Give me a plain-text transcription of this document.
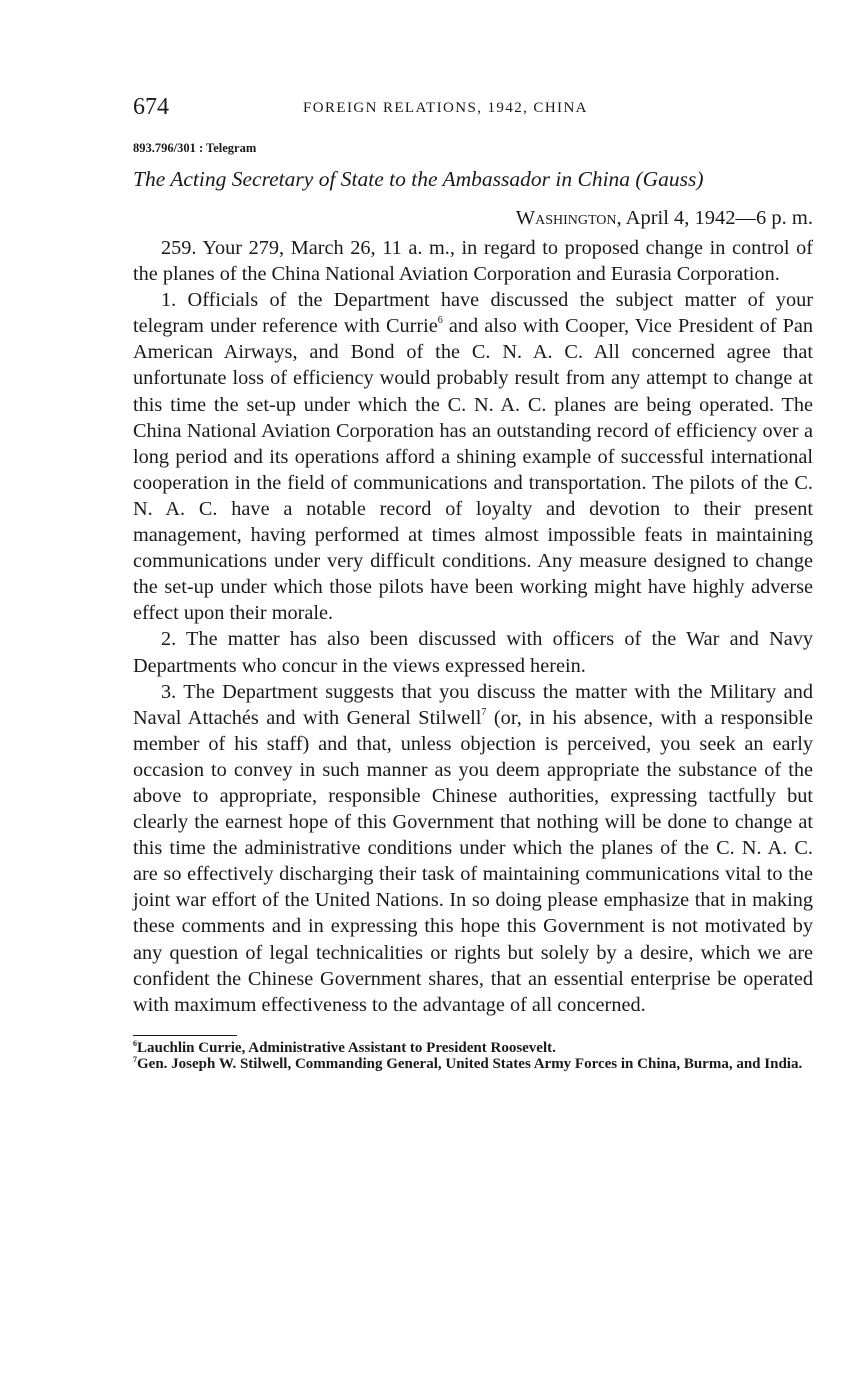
674	FOREIGN RELATIONS, 1942, CHINA
893.796/301 : Telegram
The Acting Secretary of State to the Ambassador in China (Gauss)
Washington, April 4, 1942—6 p. m.

259. Your 279, March 26, 11 a. m., in regard to proposed change in control of the planes of the China National Aviation Corporation and Eurasia Corporation.

1. Officials of the Department have discussed the subject matter of your telegram under reference with Currie$^6$ and also with Cooper, Vice President of Pan American Airways, and Bond of the C. N. A. C. All concerned agree that unfortunate loss of efficiency would probably result from any attempt to change at this time the set-up under which the C. N. A. C. planes are being operated. The China National Aviation Corporation has an outstanding record of efficiency over a long period and its operations afford a shining example of successful international cooperation in the field of communications and transportation. The pilots of the C. N. A. C. have a notable record of loyalty and devotion to their present management, having performed at times almost impossible feats in maintaining communications under very difficult conditions. Any measure designed to change the set-up under which those pilots have been working might have highly adverse effect upon their morale.

2. The matter has also been discussed with officers of the War and Navy Departments who concur in the views expressed herein.

3. The Department suggests that you discuss the matter with the Military and Naval Attachés and with General Stilwell$^7$ (or, in his absence, with a responsible member of his staff) and that, unless objection is perceived, you seek an early occasion to convey in such manner as you deem appropriate the substance of the above to appropriate, responsible Chinese authorities, expressing tactfully but clearly the earnest hope of this Government that nothing will be done to change at this time the administrative conditions under which the planes of the C. N. A. C. are so effectively discharging their task of maintaining communications vital to the joint war effort of the United Nations. In so doing please emphasize that in making these comments and in expressing this hope this Government is not motivated by any question of legal technicalities or rights but solely by a desire, which we are confident the Chinese Government shares, that an essential enterprise be operated with maximum effectiveness to the advantage of all concerned.

$^6$Lauchlin Currie, Administrative Assistant to President Roosevelt.

$^7$Gen. Joseph W. Stilwell, Commanding General, United States Army Forces in China, Burma, and India.
